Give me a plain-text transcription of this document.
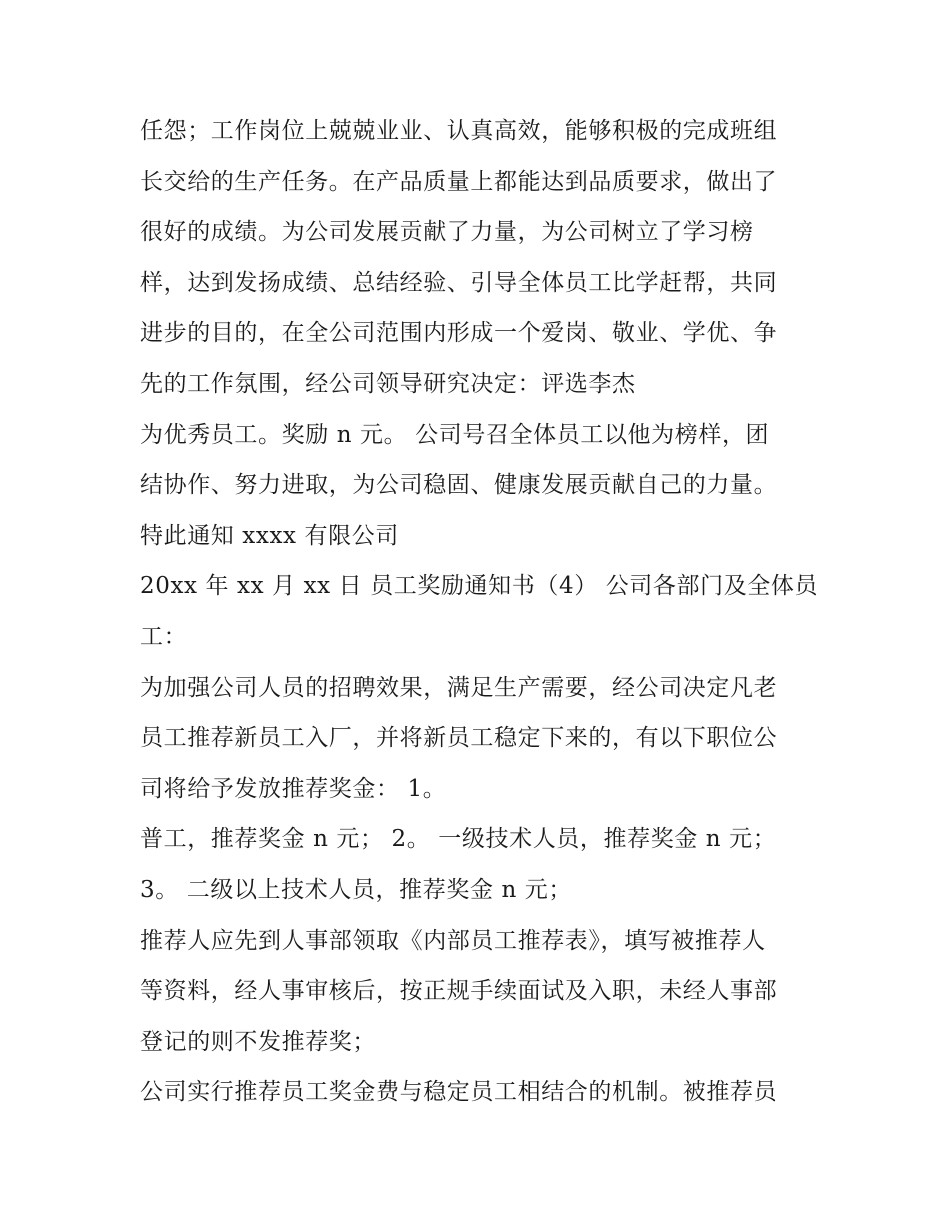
任怨；工作岗位上兢兢业业、认真高效，能够积极的完成班组
长交给的生产任务。在产品质量上都能达到品质要求，做出了
很好的成绩。为公司发展贡献了力量，为公司树立了学习榜
样，达到发扬成绩、总结经验、引导全体员工比学赶帮，共同
进步的目的，在全公司范围内形成一个爱岗、敬业、学优、争
先的工作氛围，经公司领导研究决定：评选李杰
为优秀员工。奖励 n 元。 公司号召全体员工以他为榜样，团
结协作、努力进取，为公司稳固、健康发展贡献自己的力量。
特此通知 xxxx 有限公司
20xx 年 xx 月 xx 日 员工奖励通知书（4） 公司各部门及全体员
工：
为加强公司人员的招聘效果，满足生产需要，经公司决定凡老
员工推荐新员工入厂，并将新员工稳定下来的，有以下职位公
司将给予发放推荐奖金： 1。
普工，推荐奖金 n 元； 2。 一级技术人员，推荐奖金 n 元；
3。 二级以上技术人员，推荐奖金 n 元；
推荐人应先到人事部领取《内部员工推荐表》，填写被推荐人
等资料，经人事审核后，按正规手续面试及入职，未经人事部
登记的则不发推荐奖；
公司实行推荐员工奖金费与稳定员工相结合的机制。被推荐员
